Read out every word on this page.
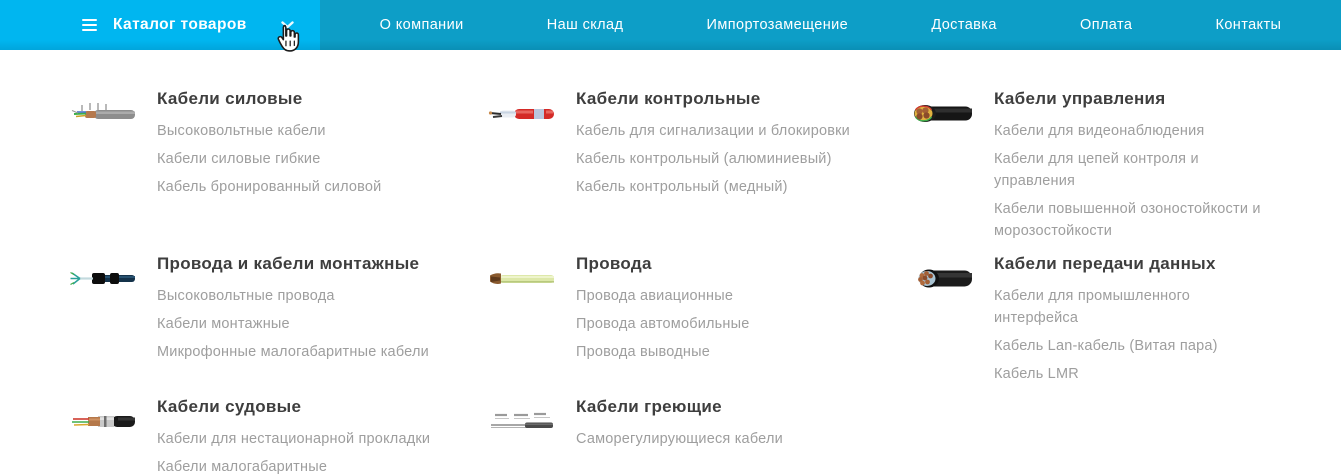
Каталог товаров	О компании	Наш склад	Импортозамещение	Доставка	Оплата	Контакты
Кабели силовые
Высоковольтные кабели
Кабели силовые гибкие
Кабель бронированный силовой
Кабели контрольные
Кабель для сигнализации и блокировки
Кабель контрольный (алюминиевый)
Кабель контрольный (медный)
Кабели управления
Кабели для видеонаблюдения
Кабели для цепей контроля и управления
Кабели повышенной озоностойкости и морозостойкости
Провода и кабели монтажные
Высоковольтные провода
Кабели монтажные
Микрофонные малогабаритные кабели
Провода
Провода авиационные
Провода автомобильные
Провода выводные
Кабели передачи данных
Кабели для промышленного интерфейса
Кабель Lan-кабель (Витая пара)
Кабель LMR
Кабели судовые
Кабели для нестационарной прокладки
Кабели малогабаритные
Кабели греющие
Саморегулирующиеся кабели
